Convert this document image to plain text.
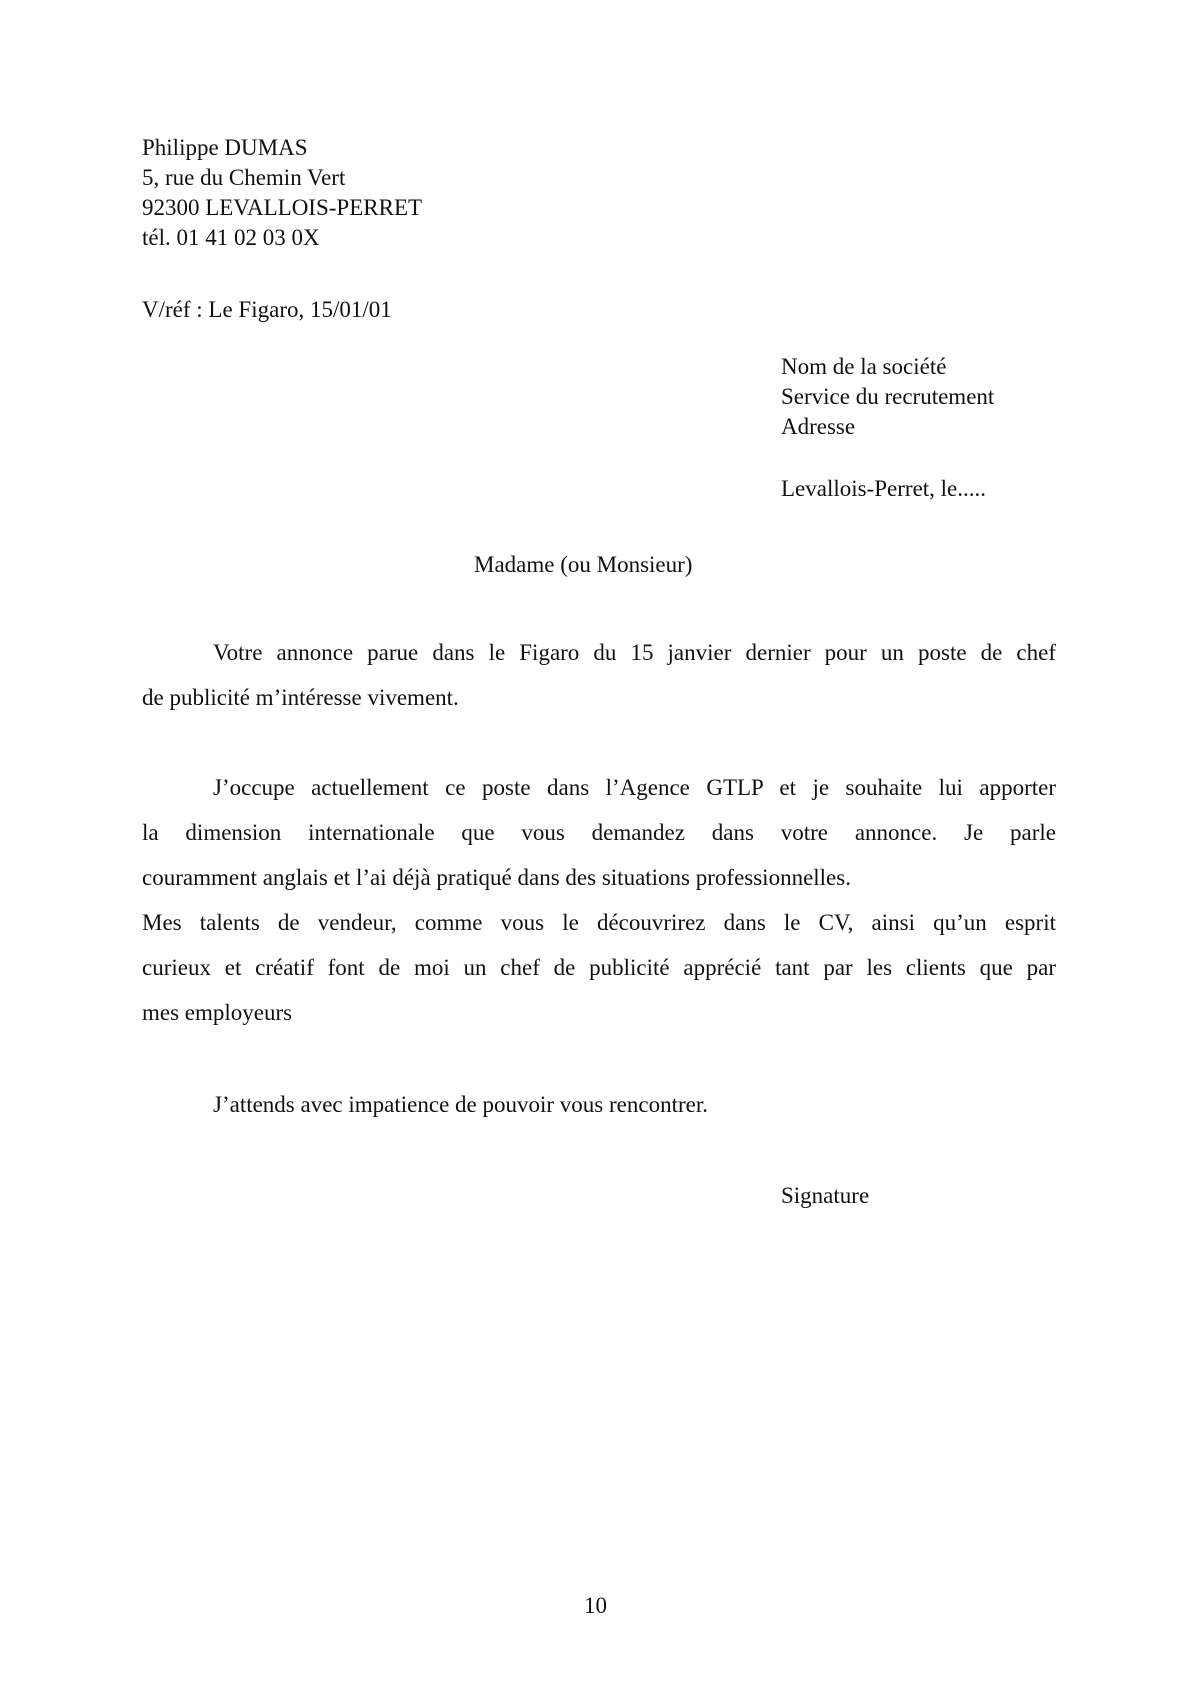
Philippe DUMAS
5, rue du Chemin Vert
92300 LEVALLOIS-PERRET
tél. 01 41 02 03 0X
V/réf : Le Figaro, 15/01/01
Nom de la société
Service du recrutement
Adresse
Levallois-Perret, le.....
Madame (ou Monsieur)
Votre annonce parue dans le Figaro du 15 janvier dernier pour un poste de chef
de publicité m’intéresse vivement.
J’occupe actuellement ce poste dans l’Agence GTLP et je souhaite lui apporter
la dimension internationale que vous demandez dans votre annonce. Je parle
couramment anglais et l’ai déjà pratiqué dans des situations professionnelles.
Mes talents de vendeur, comme vous le découvrirez dans le CV, ainsi qu’un esprit
curieux et créatif font de moi un chef de publicité apprécié tant par les clients que par
mes employeurs
J’attends avec impatience de pouvoir vous rencontrer.
Signature
10
